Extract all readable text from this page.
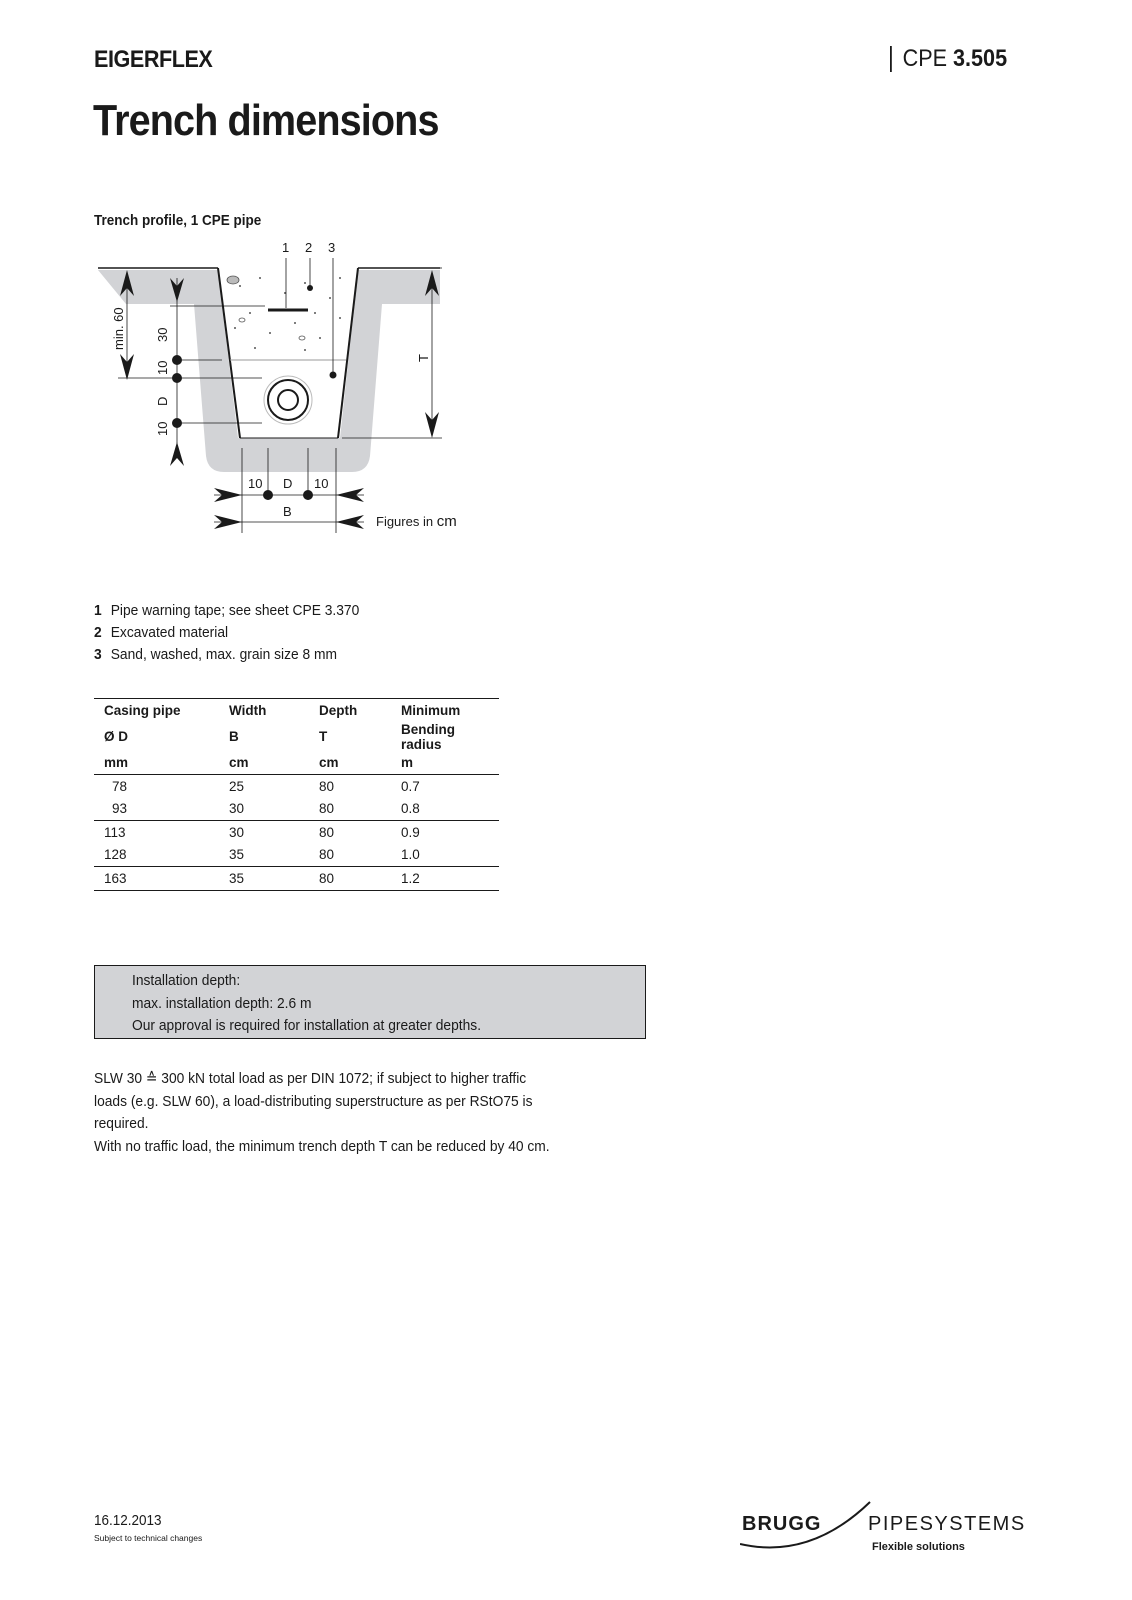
EIGERFLEX	CPE 3.505
Trench dimensions
Trench profile, 1 CPE pipe
1 2 3
min. 60 30
10
D
10
T
10 D 10
B
Figures in cm
1 Pipe warning tape; see sheet CPE 3.370
2 Excavated material
3 Sand, washed, max. grain size 8 mm
Casing pipe	Width	Depth	Minimum
Ø D	B	T	Bending radius
mm	cm	cm	m
78	25	80	0.7
93	30	80	0.8
113	30	80	0.9
128	35	80	1.0
163	35	80	1.2
Installation depth:
max. installation depth: 2.6 m
Our approval is required for installation at greater depths.
SLW 30 ≙ 300 kN total load as per DIN 1072; if subject to higher traffic
loads (e.g. SLW 60), a load-distributing superstructure as per RStO75 is
required.
With no traffic load, the minimum trench depth T can be reduced by 40 cm.
16.12.2013
Subject to technical changes
BRUGG PIPESYSTEMS
Flexible solutions
